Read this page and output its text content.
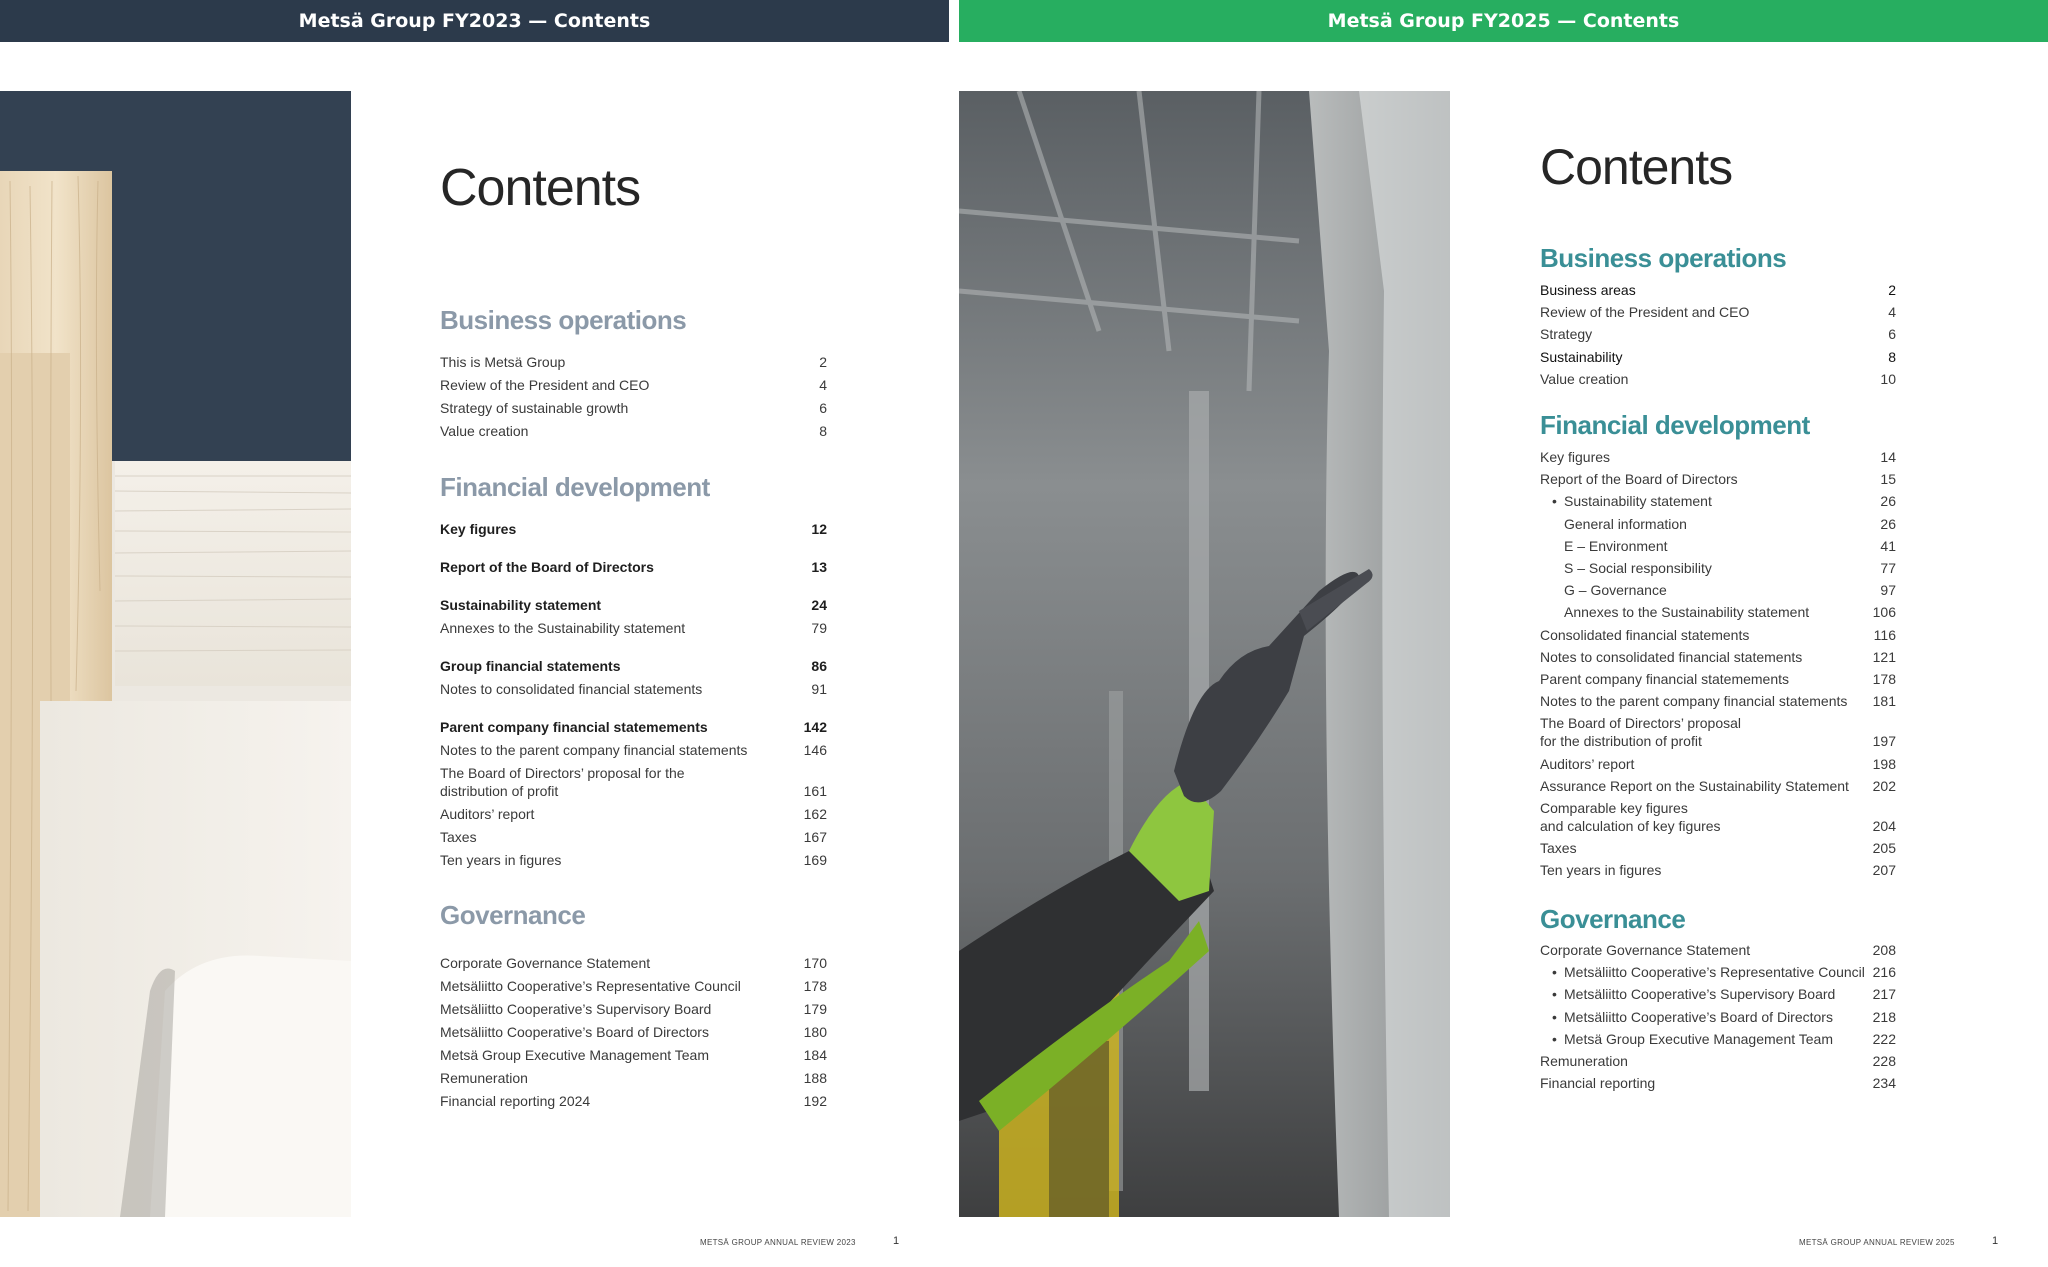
Metsä Group FY2023 — Contents
Contents
Business operations
This is Metsä Group	2
Review of the President and CEO	4
Strategy of sustainable growth	6
Value creation	8
Financial development
Key figures	12
Report of the Board of Directors	13
Sustainability statement	24
Annexes to the Sustainability statement	79
Group financial statements	86
Notes to consolidated financial statements	91
Parent company financial statemements	142
Notes to the parent company financial statements	146
The Board of Directors’ proposal for the
distribution of profit	161
Auditors’ report	162
Taxes	167
Ten years in figures	169
Governance
Corporate Governance Statement	170
Metsäliitto Cooperative’s Representative Council	178
Metsäliitto Cooperative’s Supervisory Board	179
Metsäliitto Cooperative’s Board of Directors	180
Metsä Group Executive Management Team	184
Remuneration	188
Financial reporting 2024	192
METSÄ GROUP ANNUAL REVIEW 2023	1
Metsä Group FY2025 — Contents
Contents
Business operations
Business areas	2
Review of the President and CEO	4
Strategy	6
Sustainability	8
Value creation	10
Financial development
Key figures	14
Report of the Board of Directors	15
• Sustainability statement	26
General information	26
E – Environment	41
S – Social responsibility	77
G – Governance	97
Annexes to the Sustainability statement	106
Consolidated financial statements	116
Notes to consolidated financial statements	121
Parent company financial statemements	178
Notes to the parent company financial statements 181
The Board of Directors’ proposal
for the distribution of profit	197
Auditors’ report	198
Assurance Report on the Sustainability Statement 202
Comparable key figures
and calculation of key figures	204
Taxes	205
Ten years in figures	207
Governance
Corporate Governance Statement	208
• Metsäliitto Cooperative’s Representative Council 216
• Metsäliitto Cooperative’s Supervisory Board	217
• Metsäliitto Cooperative’s Board of Directors	218
• Metsä Group Executive Management Team	222
Remuneration	228
Financial reporting	234
METSÄ GROUP ANNUAL REVIEW 2025	1
